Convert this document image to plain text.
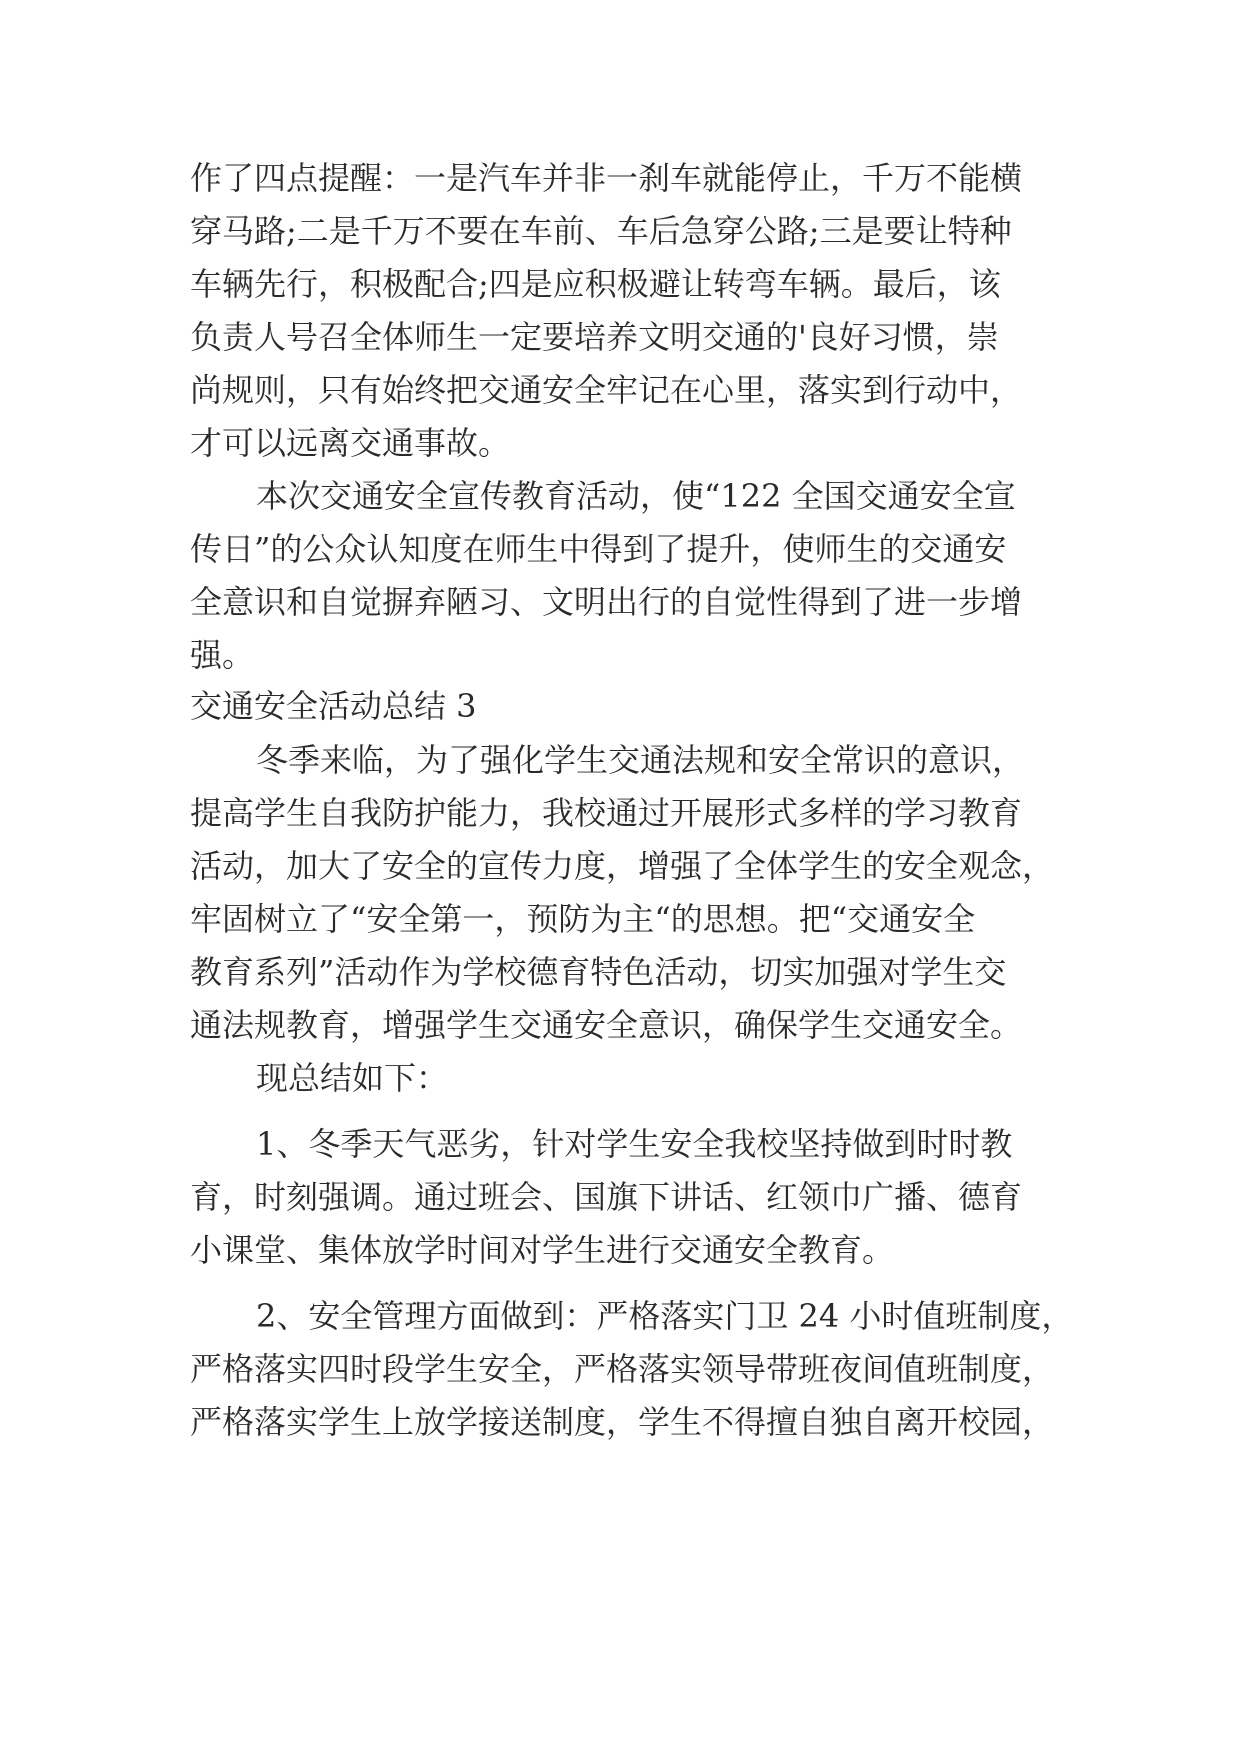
作了四点提醒：一是汽车并非一刹车就能停止，千万不能横
穿马路;二是千万不要在车前、车后急穿公路;三是要让特种
车辆先行，积极配合;四是应积极避让转弯车辆。最后，该
负责人号召全体师生一定要培养文明交通的'良好习惯，崇
尚规则，只有始终把交通安全牢记在心里，落实到行动中，
才可以远离交通事故。
本次交通安全宣传教育活动，使“122 全国交通安全宣
传日”的公众认知度在师生中得到了提升，使师生的交通安
全意识和自觉摒弃陋习、文明出行的自觉性得到了进一步增
强。
交通安全活动总结 3
冬季来临，为了强化学生交通法规和安全常识的意识，
提高学生自我防护能力，我校通过开展形式多样的学习教育
活动，加大了安全的宣传力度，增强了全体学生的安全观念，
牢固树立了“安全第一，预防为主“的思想。把“交通安全
教育系列”活动作为学校德育特色活动，切实加强对学生交
通法规教育，增强学生交通安全意识，确保学生交通安全。
现总结如下：
1、冬季天气恶劣，针对学生安全我校坚持做到时时教
育，时刻强调。通过班会、国旗下讲话、红领巾广播、德育
小课堂、集体放学时间对学生进行交通安全教育。
2、安全管理方面做到：严格落实门卫 24 小时值班制度，
严格落实四时段学生安全，严格落实领导带班夜间值班制度，
严格落实学生上放学接送制度，学生不得擅自独自离开校园，
